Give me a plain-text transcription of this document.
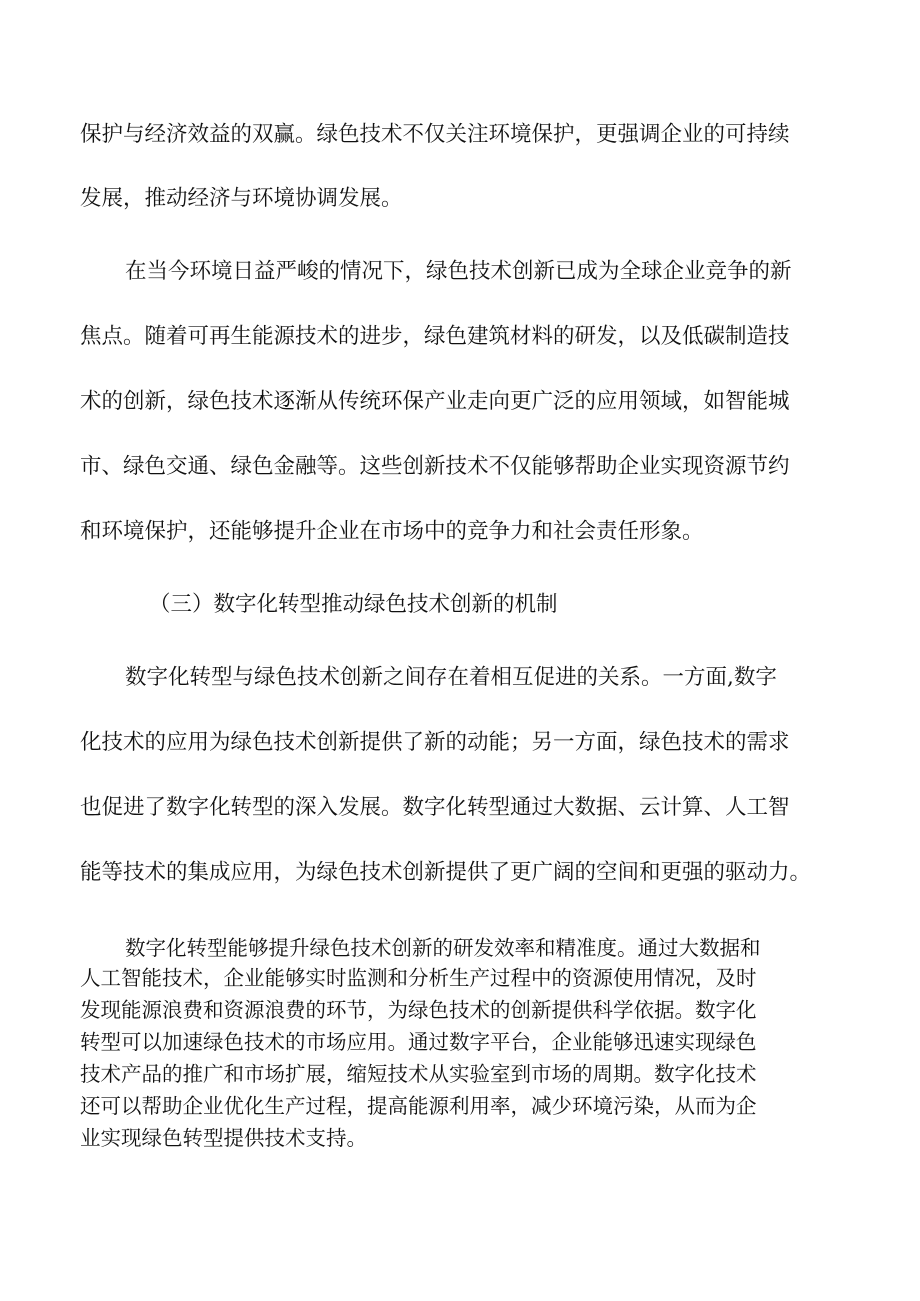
保护与经济效益的双赢。绿色技术不仅关注环境保护，更强调企业的可持续
发展，推动经济与环境协调发展。
在当今环境日益严峻的情况下，绿色技术创新已成为全球企业竞争的新
焦点。随着可再生能源技术的进步，绿色建筑材料的研发，以及低碳制造技
术的创新，绿色技术逐渐从传统环保产业走向更广泛的应用领域，如智能城
市、绿色交通、绿色金融等。这些创新技术不仅能够帮助企业实现资源节约
和环境保护，还能够提升企业在市场中的竞争力和社会责任形象。
（三）数字化转型推动绿色技术创新的机制
数字化转型与绿色技术创新之间存在着相互促进的关系。一方面,数字
化技术的应用为绿色技术创新提供了新的动能；另一方面，绿色技术的需求
也促进了数字化转型的深入发展。数字化转型通过大数据、云计算、人工智
能等技术的集成应用，为绿色技术创新提供了更广阔的空间和更强的驱动力。
数字化转型能够提升绿色技术创新的研发效率和精准度。通过大数据和
人工智能技术，企业能够实时监测和分析生产过程中的资源使用情况，及时
发现能源浪费和资源浪费的环节，为绿色技术的创新提供科学依据。数字化
转型可以加速绿色技术的市场应用。通过数字平台，企业能够迅速实现绿色
技术产品的推广和市场扩展，缩短技术从实验室到市场的周期。数字化技术
还可以帮助企业优化生产过程，提高能源利用率，减少环境污染，从而为企
业实现绿色转型提供技术支持。
